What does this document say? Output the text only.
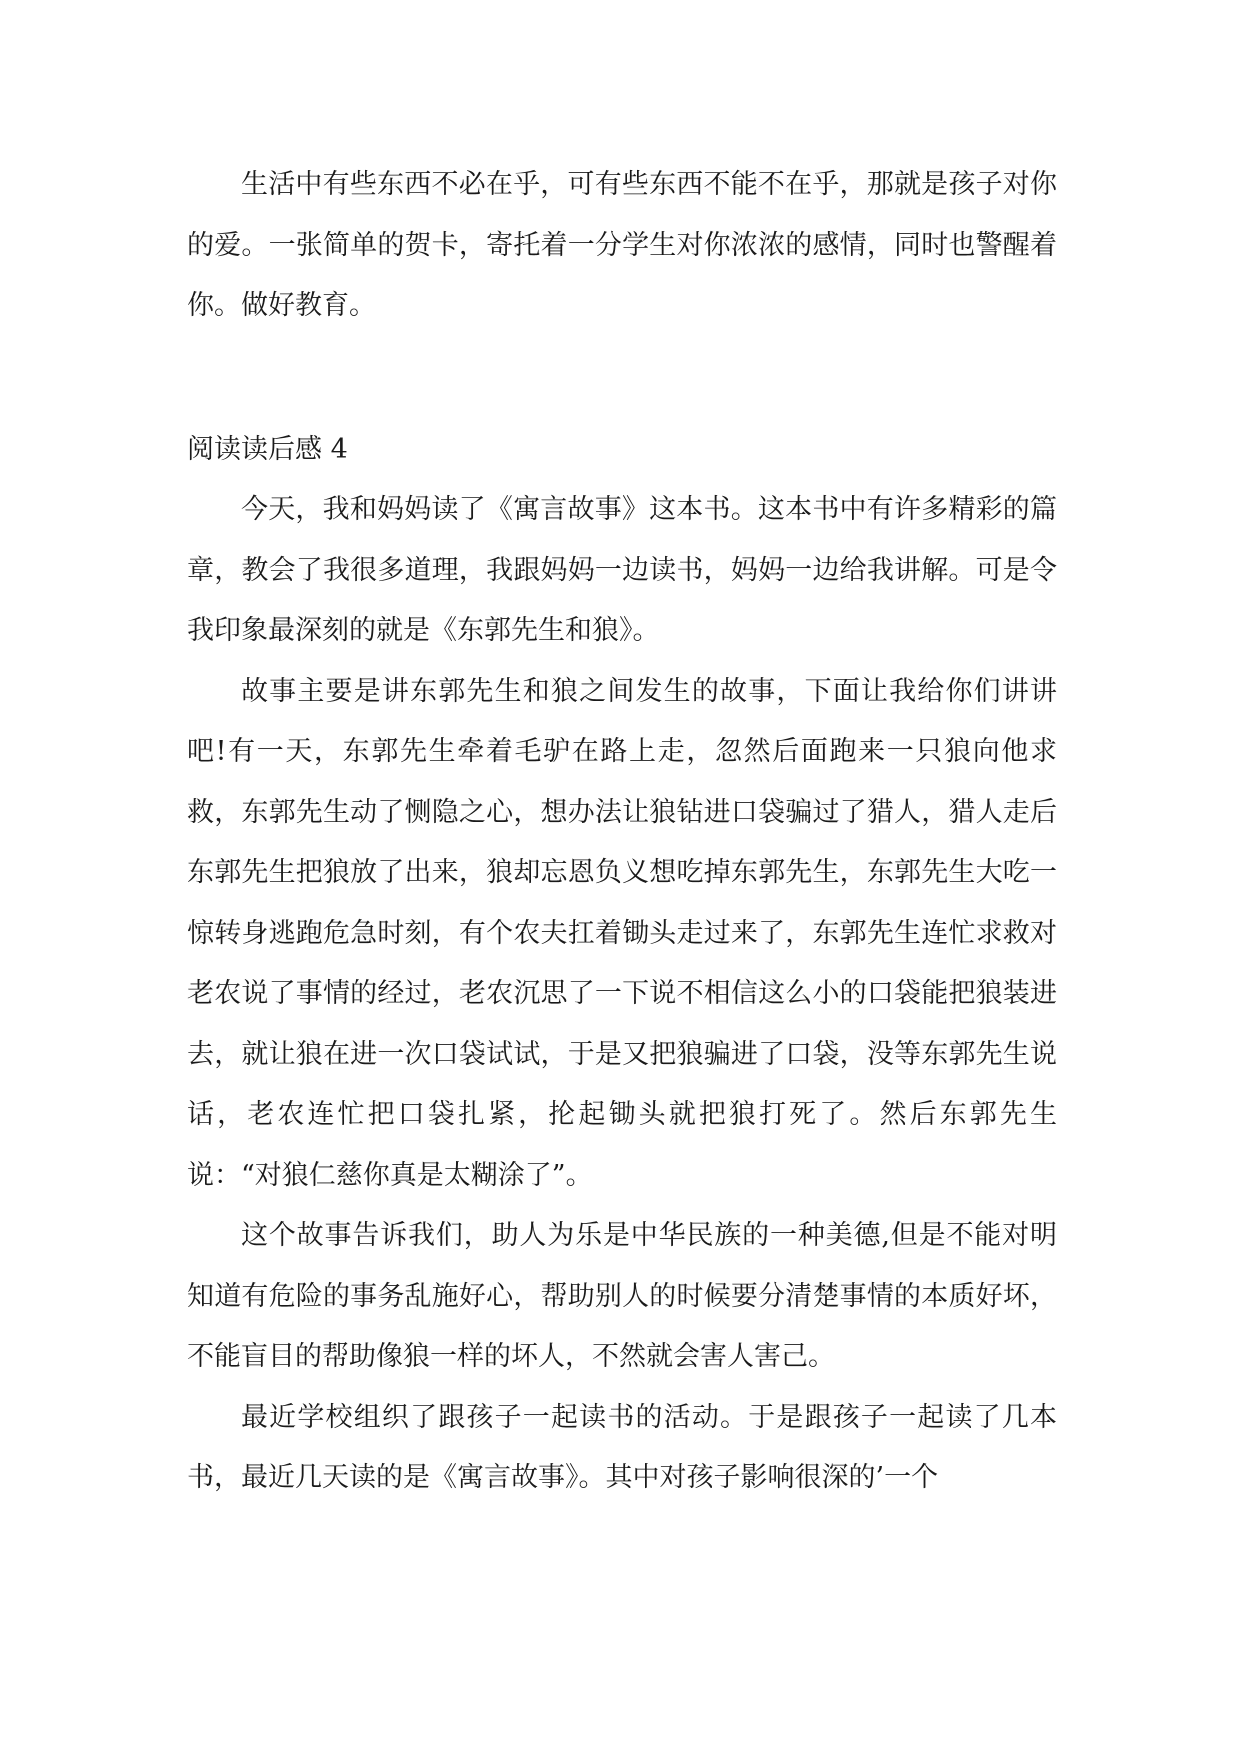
生活中有些东西不必在乎，可有些东西不能不在乎，那就是孩子对你的爱。一张简单的贺卡，寄托着一分学生对你浓浓的感情，同时也警醒着你。做好教育。

阅读读后感 4

今天，我和妈妈读了《寓言故事》这本书。这本书中有许多精彩的篇章，教会了我很多道理，我跟妈妈一边读书，妈妈一边给我讲解。可是令我印象最深刻的就是《东郭先生和狼》。

故事主要是讲东郭先生和狼之间发生的故事，下面让我给你们讲讲吧!有一天，东郭先生牵着毛驴在路上走，忽然后面跑来一只狼向他求救，东郭先生动了恻隐之心，想办法让狼钻进口袋骗过了猎人，猎人走后东郭先生把狼放了出来，狼却忘恩负义想吃掉东郭先生，东郭先生大吃一惊转身逃跑危急时刻，有个农夫扛着锄头走过来了，东郭先生连忙求救对老农说了事情的经过，老农沉思了一下说不相信这么小的口袋能把狼装进去，就让狼在进一次口袋试试，于是又把狼骗进了口袋，没等东郭先生说话，老农连忙把口袋扎紧，抡起锄头就把狼打死了。然后东郭先生说：“对狼仁慈你真是太糊涂了”。

这个故事告诉我们，助人为乐是中华民族的一种美德,但是不能对明知道有危险的事务乱施好心，帮助别人的时候要分清楚事情的本质好坏，不能盲目的帮助像狼一样的坏人，不然就会害人害己。

最近学校组织了跟孩子一起读书的活动。于是跟孩子一起读了几本书，最近几天读的是《寓言故事》。其中对孩子影响很深的’一个
